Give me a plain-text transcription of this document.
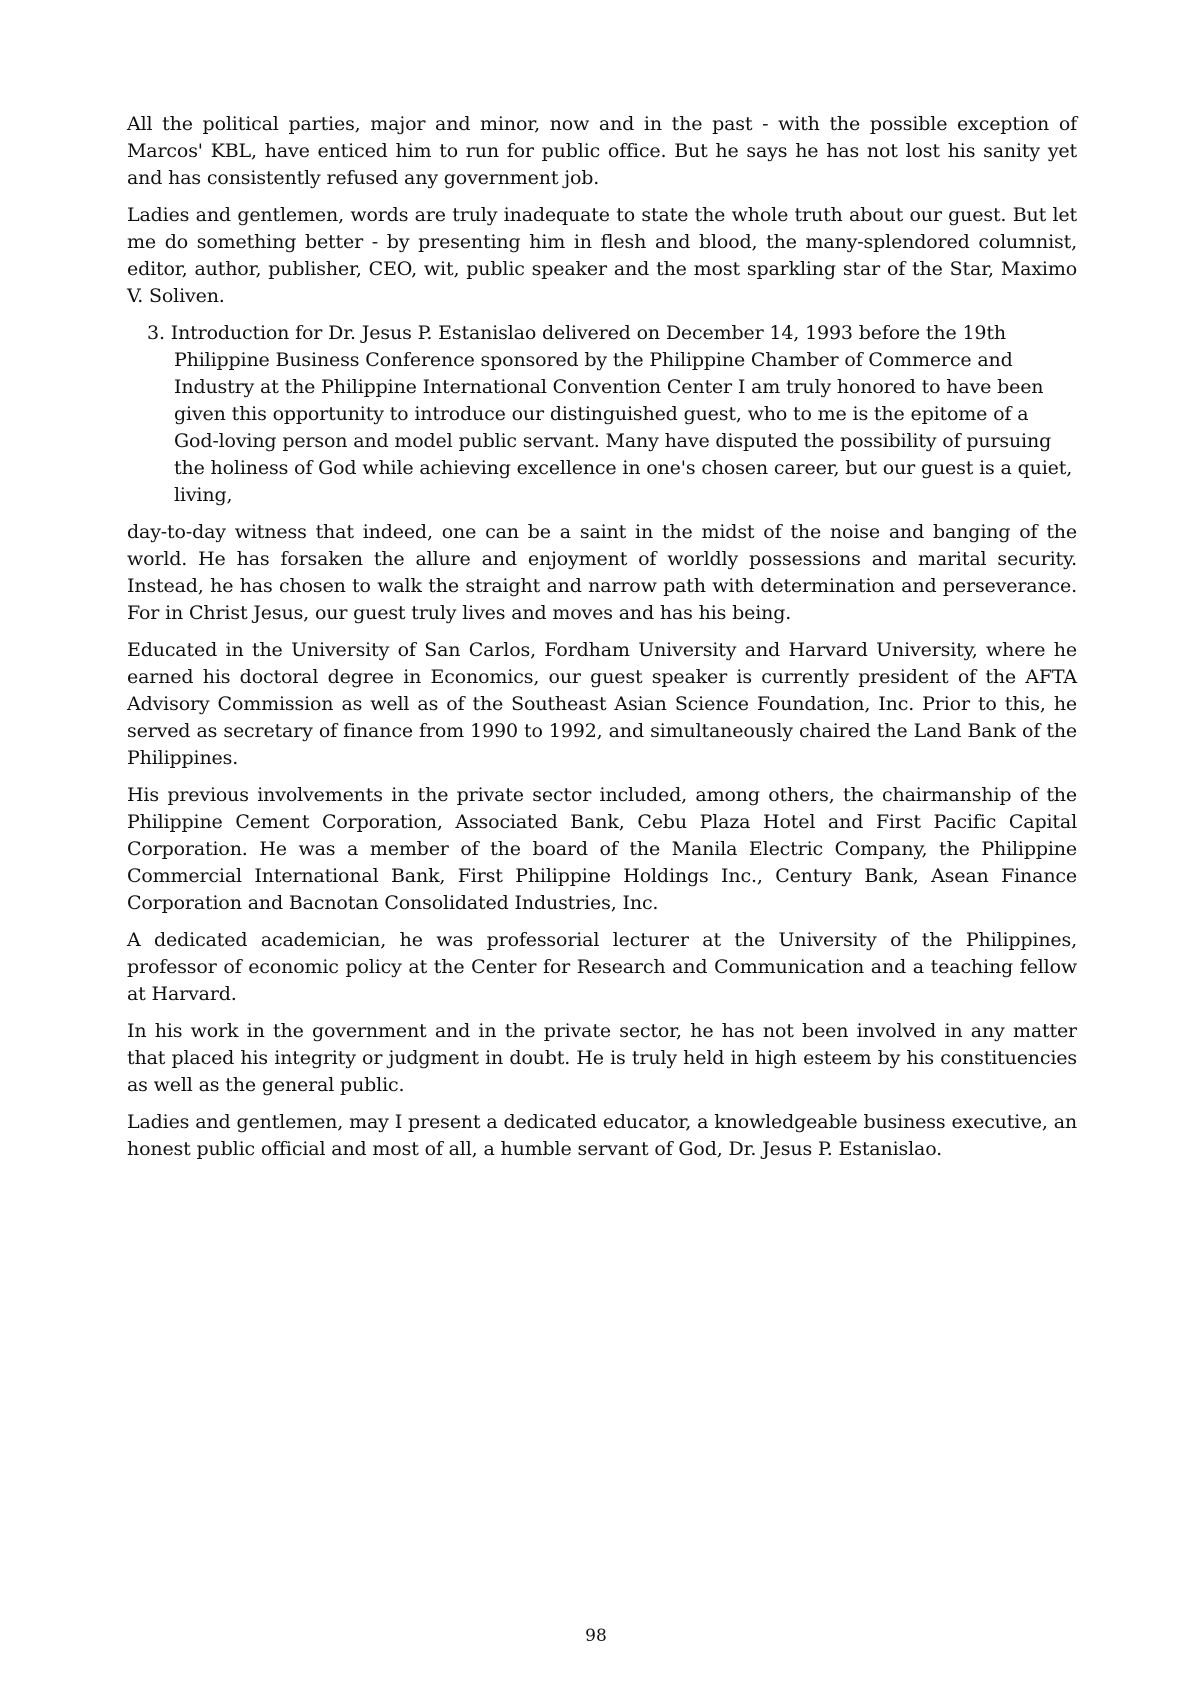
All the political parties, major and minor, now and in the past - with the possible exception of Marcos' KBL, have enticed him to run for public office. But he says he has not lost his sanity yet and has consistently refused any government job.

Ladies and gentlemen, words are truly inadequate to state the whole truth about our guest. But let me do something better - by presenting him in flesh and blood, the many-splendored columnist, editor, author, publisher, CEO, wit, public speaker and the most sparkling star of the Star, Maximo V. Soliven.

3. Introduction for Dr. Jesus P. Estanislao delivered on December 14, 1993 before the 19th Philippine Business Conference sponsored by the Philippine Chamber of Commerce and Industry at the Philippine International Convention Center I am truly honored to have been given this opportunity to introduce our distinguished guest, who to me is the epitome of a God-loving person and model public servant. Many have disputed the possibility of pursuing the holiness of God while achieving excellence in one's chosen career, but our guest is a quiet, living,

day-to-day witness that indeed, one can be a saint in the midst of the noise and banging of the world. He has forsaken the allure and enjoyment of worldly possessions and marital security. Instead, he has chosen to walk the straight and narrow path with determination and perseverance. For in Christ Jesus, our guest truly lives and moves and has his being.

Educated in the University of San Carlos, Fordham University and Harvard University, where he earned his doctoral degree in Economics, our guest speaker is currently president of the AFTA Advisory Commission as well as of the Southeast Asian Science Foundation, Inc. Prior to this, he served as secretary of finance from 1990 to 1992, and simultaneously chaired the Land Bank of the Philippines.

His previous involvements in the private sector included, among others, the chairmanship of the Philippine Cement Corporation, Associated Bank, Cebu Plaza Hotel and First Pacific Capital Corporation. He was a member of the board of the Manila Electric Company, the Philippine Commercial International Bank, First Philippine Holdings Inc., Century Bank, Asean Finance Corporation and Bacnotan Consolidated Industries, Inc.

A dedicated academician, he was professorial lecturer at the University of the Philippines, professor of economic policy at the Center for Research and Communication and a teaching fellow at Harvard.

In his work in the government and in the private sector, he has not been involved in any matter that placed his integrity or judgment in doubt. He is truly held in high esteem by his constituencies as well as the general public.

Ladies and gentlemen, may I present a dedicated educator, a knowledgeable business executive, an honest public official and most of all, a humble servant of God, Dr. Jesus P. Estanislao.

98
